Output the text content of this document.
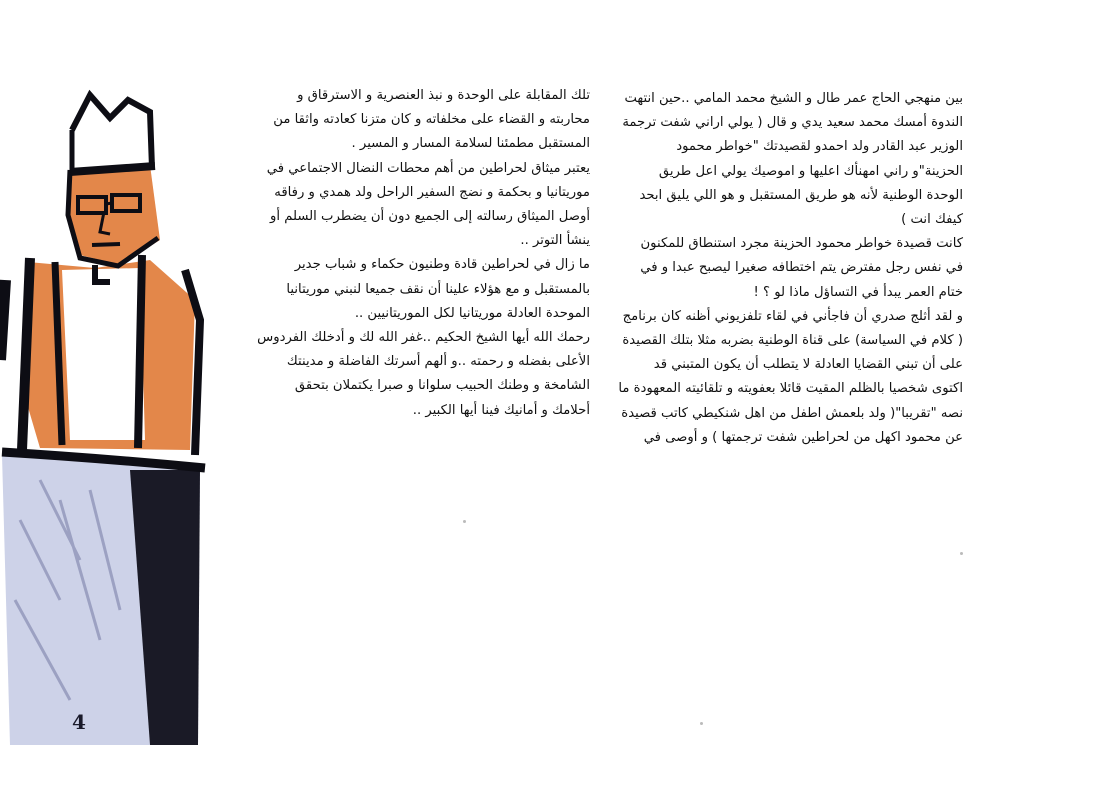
تلك المقابلة على الوحدة و نبذ العنصرية و الاسترقاق و

محاربته و القضاء على مخلفاته و كان متزنا كعادته واثقا من

المستقبل مطمئنا لسلامة المسار و المسير .

يعتبر ميثاق لحراطين من أهم محطات النضال الاجتماعي في

موريتانيا و بحكمة و نضج السفير الراحل ولد همدي و رفاقه

أوصل الميثاق رسالته إلى الجميع دون أن يضطرب السلم أو

ينشأ التوتر ..

ما زال في لحراطين قادة وطنيون حكماء و شباب جدير

بالمستقبل و مع هؤلاء علينا أن نقف جميعا لنبني موريتانيا

الموحدة العادلة موريتانيا لكل الموريتانيين ..

رحمك الله أيها الشيخ الحكيم ..غفر الله لك و أدخلك الفردوس

الأعلى بفضله و رحمته ..و ألهم أسرتك الفاضلة و مدينتك

الشامخة و وطنك الحبيب سلوانا و صبرا يكتملان بتحقق

أحلامك و أمانيك فينا أيها الكبير ..

بين منهجي الحاج عمر طال و الشيخ محمد المامي ..حين انتهت

الندوة أمسك محمد سعيد يدي و قال ( يولي اراني شفت ترجمة

الوزير عبد القادر ولد احمدو لقصيدتك "خواطر محمود

الحزينة"و راني امهنأك اعليها و اموصيك يولي اعل طريق

الوحدة الوطنية لأنه هو طريق المستقبل و هو اللي يليق ابحد

كيفك انت )

كانت قصيدة خواطر محمود الحزينة مجرد استنطاق للمكنون

في نفس رجل مفترض يتم اختطافه صغيرا ليصبح عبدا و في

ختام العمر يبدأ في التساؤل ماذا لو ؟ !

و لقد أثلج صدري أن فاجأني في لقاء تلفزيوني أظنه كان برنامج

( كلام في السياسة) على قناة الوطنية بضربه مثلا بتلك القصيدة

على أن تبني القضايا العادلة لا يتطلب أن يكون المتبني قد

اكتوى شخصيا بالظلم المقيت قائلا بعفويته و تلقائيته المعهودة ما

نصه "تقريبا"( ولد بلعمش اطفل من اهل شنكيطي كاتب قصيدة

عن محمود اكهل من لحراطين شفت ترجمتها ) و أوصى في

4
